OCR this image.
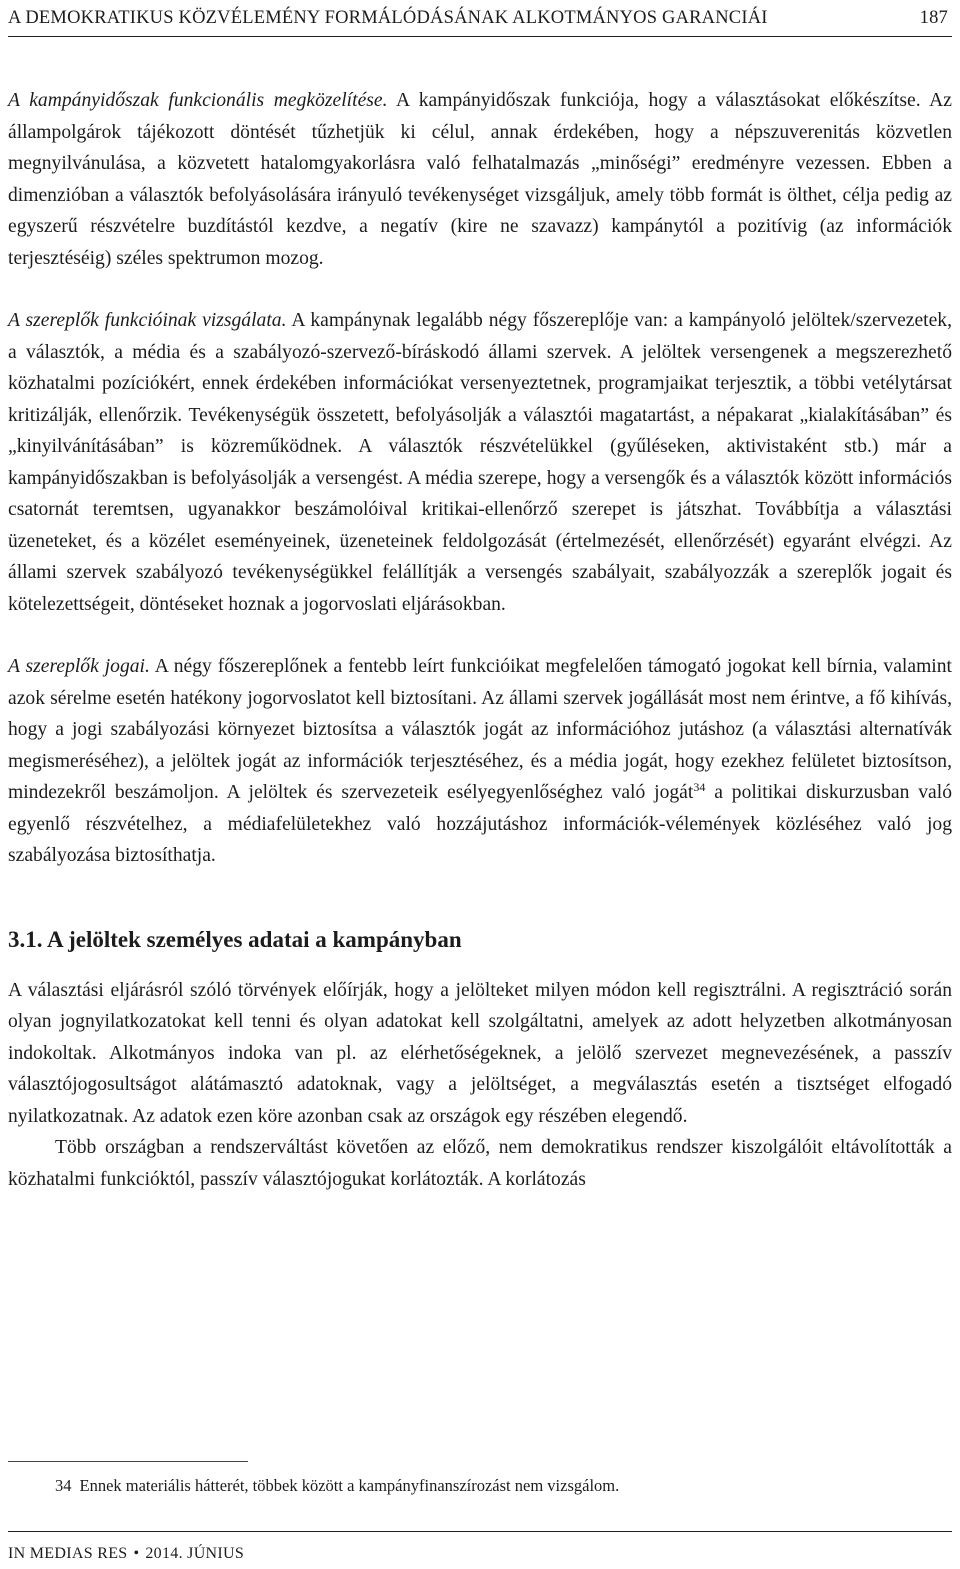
A DEMOKRATIKUS KÖZVÉLEMÉNY FORMÁLÓDÁSÁNAK ALKOTMÁNYOS GARANCIÁI	187

A kampányidőszak funkcionális megközelítése. A kampányidőszak funkciója, hogy a választásokat előkészítse. Az állampolgárok tájékozott döntését tűzhetjük ki célul, annak érdekében, hogy a népszuverenitás közvetlen megnyilvánulása, a közvetett hatalomgyakorlásra való felhatalmazás „minőségi” eredményre vezessen. Ebben a dimenzióban a választók befolyásolására irányuló tevékenységet vizsgáljuk, amely több formát is ölthet, célja pedig az egyszerű részvételre buzdítástól kezdve, a negatív (kire ne szavazz) kampánytól a pozitívig (az információk terjesztéséig) széles spektrumon mozog.

A szereplők funkcióinak vizsgálata. A kampánynak legalább négy főszereplője van: a kampányoló jelöltek/szervezetek, a választók, a média és a szabályozó-szervező-bíráskodó állami szervek. A jelöltek versengenek a megszerezhető közhatalmi pozíciókért, ennek érdekében információkat versenyeztetnek, programjaikat terjesztik, a többi vetélytársat kritizálják, ellenőrzik. Tevékenységük összetett, befolyásolják a választói magatartást, a népakarat „kialakításában” és „kinyilvánításában” is közreműködnek. A választók részvételükkel (gyűléseken, aktivistaként stb.) már a kampányidőszakban is befolyásolják a versengést. A média szerepe, hogy a versengők és a választók között információs csatornát teremtsen, ugyanakkor beszámolóival kritikai-ellenőrző szerepet is játszhat. Továbbítja a választási üzeneteket, és a közélet eseményeinek, üzeneteinek feldolgozását (értelmezését, ellenőrzését) egyaránt elvégzi. Az állami szervek szabályozó tevékenységükkel felállítják a versengés szabályait, szabályozzák a szereplők jogait és kötelezettségeit, döntéseket hoznak a jogorvoslati eljárásokban.

A szereplők jogai. A négy főszereplőnek a fentebb leírt funkcióikat megfelelően támogató jogokat kell bírnia, valamint azok sérelme esetén hatékony jogorvoslatot kell biztosítani. Az állami szervek jogállását most nem érintve, a fő kihívás, hogy a jogi szabályozási környezet biztosítsa a választók jogát az információhoz jutáshoz (a választási alternatívák megismeréséhez), a jelöltek jogát az információk terjesztéséhez, és a média jogát, hogy ezekhez felületet biztosítson, mindezekről beszámoljon. A jelöltek és szervezeteik esélyegyenlőséghez való jogát$^{34}$ a politikai diskurzusban való egyenlő részvételhez, a médiafelületekhez való hozzájutáshoz információk-vélemények közléséhez való jog szabályozása biztosíthatja.

3.1. A jelöltek személyes adatai a kampányban

A választási eljárásról szóló törvények előírják, hogy a jelölteket milyen módon kell regisztrálni. A regisztráció során olyan jognyilatkozatokat kell tenni és olyan adatokat kell szolgáltatni, amelyek az adott helyzetben alkotmányosan indokoltak. Alkotmányos indoka van pl. az elérhetőségeknek, a jelölő szervezet megnevezésének, a passzív választójogosultságot alátámasztó adatoknak, vagy a jelöltséget, a megválasztás esetén a tisztséget elfogadó nyilatkozatnak. Az adatok ezen köre azonban csak az országok egy részében elegendő.

Több országban a rendszerváltást követően az előző, nem demokratikus rendszer kiszolgálóit eltávolították a közhatalmi funkcióktól, passzív választójogukat korlátozták. A korlátozás

34 Ennek materiális hátterét, többek között a kampányfinanszírozást nem vizsgálom.
IN MEDIAS RES • 2014. JÚNIUS
